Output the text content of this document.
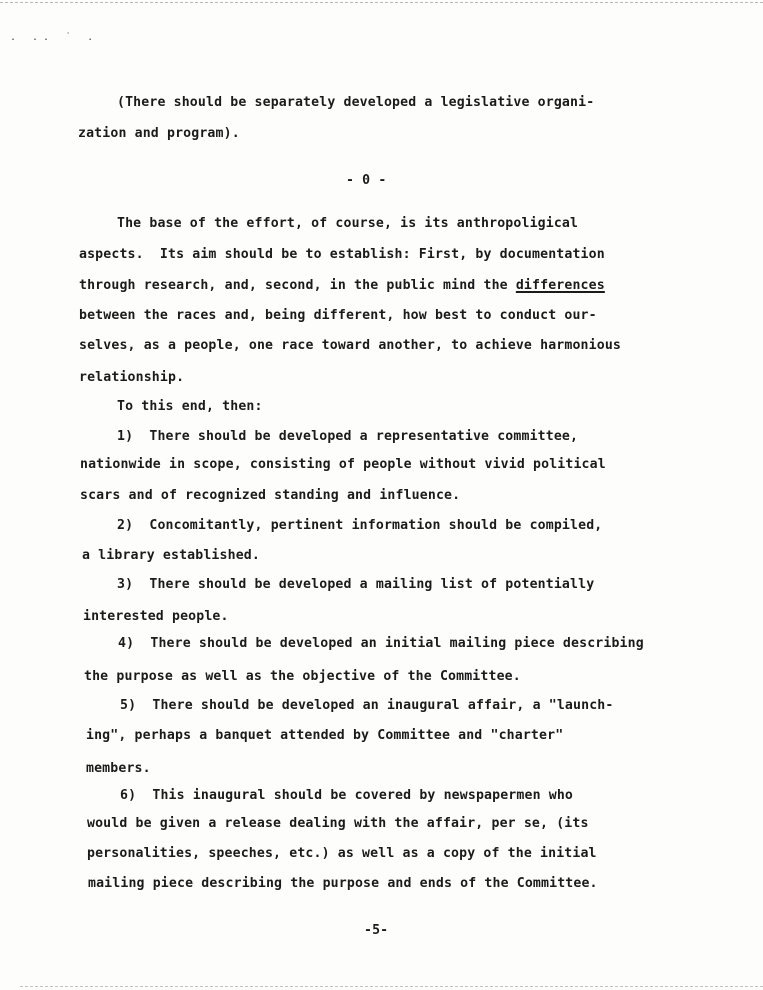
. .. ˙ .
(There should be separately developed a legislative organi-
zation and program).
- 0 -
The base of the effort, of course, is its anthropoligical
aspects.  Its aim should be to establish: First, by documentation
through research, and, second, in the public mind the differences
between the races and, being different, how best to conduct our-
selves, as a people, one race toward another, to achieve harmonious
relationship.
To this end, then:
1)  There should be developed a representative committee,
nationwide in scope, consisting of people without vivid political
scars and of recognized standing and influence.
2)  Concomitantly, pertinent information should be compiled,
a library established.
3)  There should be developed a mailing list of potentially
interested people.
4)  There should be developed an initial mailing piece describing
the purpose as well as the objective of the Committee.
5)  There should be developed an inaugural affair, a "launch-
ing", perhaps a banquet attended by Committee and "charter"
members.
6)  This inaugural should be covered by newspapermen who
would be given a release dealing with the affair, per se, (its
personalities, speeches, etc.) as well as a copy of the initial
mailing piece describing the purpose and ends of the Committee.
-5-
